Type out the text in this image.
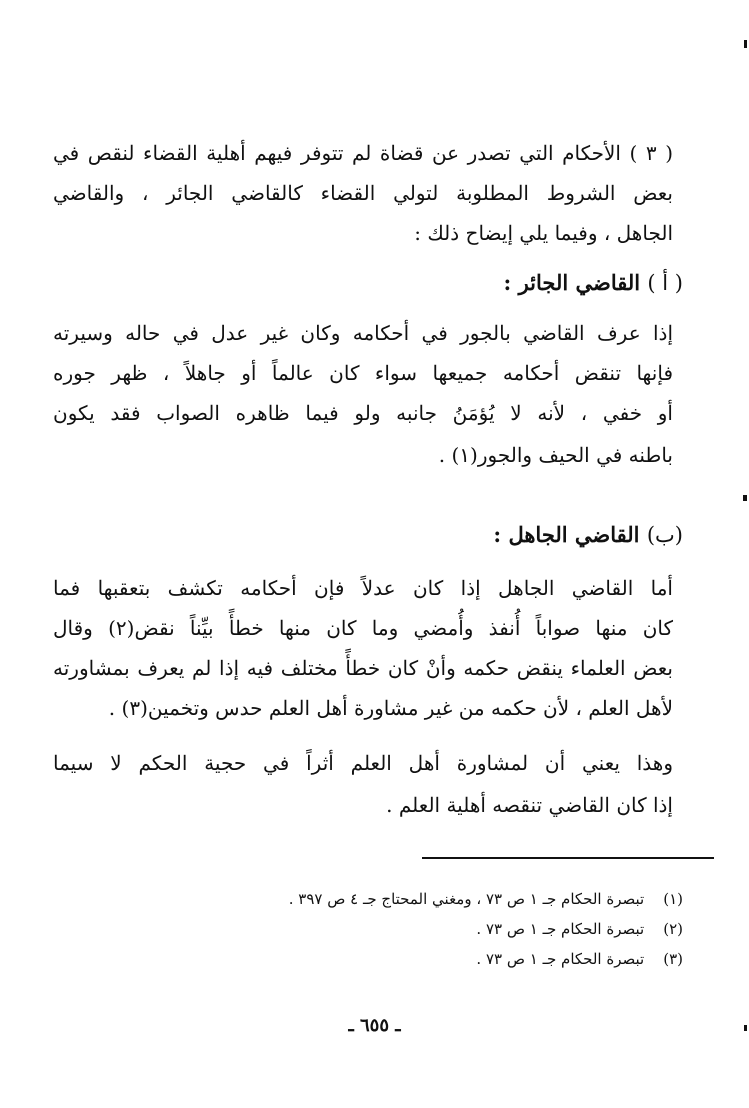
( ٣ ) الأحكام التي تصدر عن قضاة لم تتوفر فيهم أهلية القضاء لنقص في

بعض الشروط المطلوبة لتولي القضاء كالقاضي الجائر ، والقاضي

الجاهل ، وفيما يلي إيضاح ذلك :

( أ ) القاضي الجائر :

إذا عرف القاضي بالجور في أحكامه وكان غير عدل في حاله وسيرته

فإنها تنقض أحكامه جميعها سواء كان عالماً أو جاهلاً ، ظهر جوره

أو خفي ، لأنه لا يُؤمَنُ جانبه ولو فيما ظاهره الصواب فقد يكون

باطنه في الحيف والجور(١) .

(ب) القاضي الجاهل :

أما القاضي الجاهل إذا كان عدلاً فإن أحكامه تكشف بتعقبها فما

كان منها صواباً أُنفذ وأُمضي وما كان منها خطأً بيِّناً نقض(٢) وقال

بعض العلماء ينقض حكمه وأنْ كان خطأً مختلف فيه إذا لم يعرف بمشاورته

لأهل العلم ، لأن حكمه من غير مشاورة أهل العلم حدس وتخمين(٣) .

وهذا يعني أن لمشاورة أهل العلم أثراً في حجية الحكم لا سيما

إذا كان القاضي تنقصه أهلية العلم .

(١) تبصرة الحكام جـ ١ ص ٧٣ ، ومغني المحتاج جـ ٤ ص ٣٩٧ .
(٢) تبصرة الحكام جـ ١ ص ٧٣ .
(٣) تبصرة الحكام جـ ١ ص ٧٣ .
ـ ٦٥٥ ـ
